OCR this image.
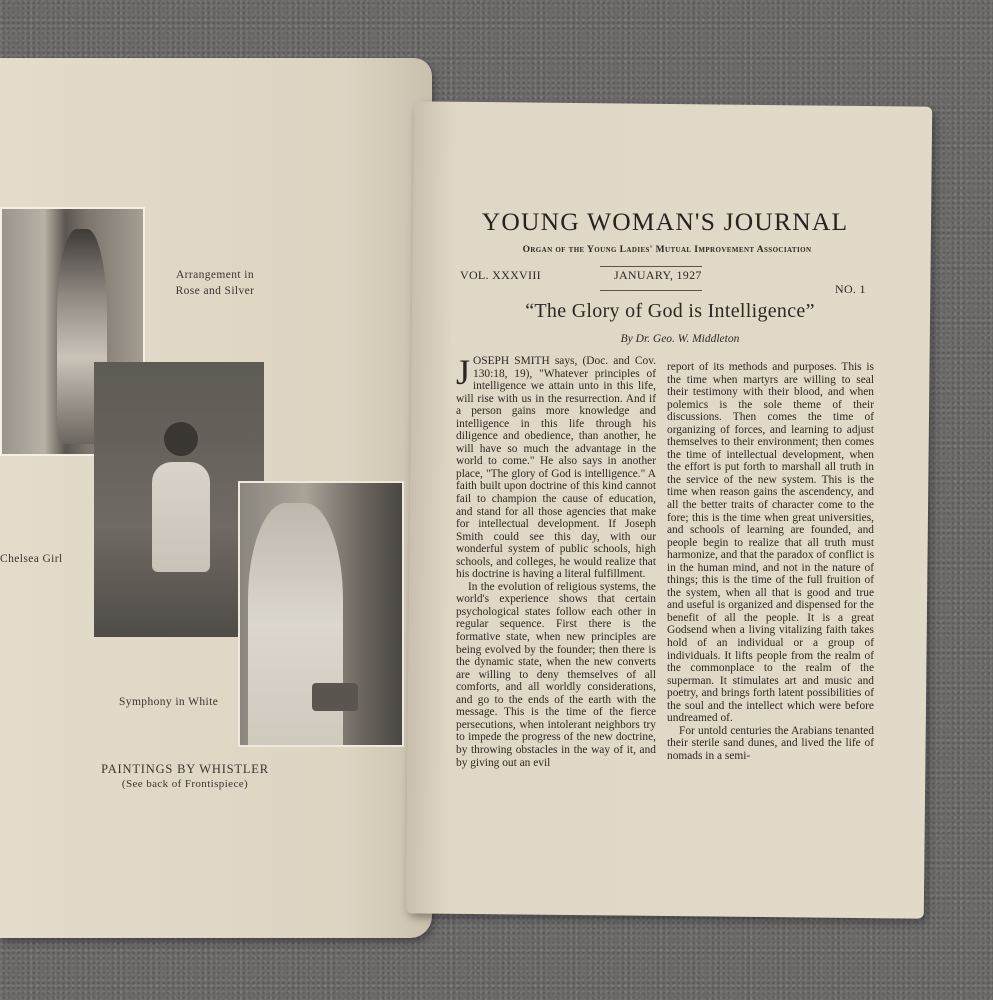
Arrangement in
Rose and Silver
Chelsea Girl
Symphony in White
PAINTINGS BY WHISTLER
(See back of Frontispiece)
YOUNG WOMAN'S JOURNAL
Organ of the Young Ladies' Mutual Improvement Association
VOL. XXXVIII	JANUARY, 1927
NO. 1
“The Glory of God is Intelligence”
By Dr. Geo. W. Middleton

JOSEPH SMITH says, (Doc. and Cov. 130:18, 19), "Whatever principles of intelligence we attain unto in this life, will rise with us in the resurrection. And if a person gains more knowledge and intelligence in this life through his diligence and obedience, than another, he will have so much the advantage in the world to come." He also says in another place, "The glory of God is intelligence." A faith built upon doctrine of this kind cannot fail to champion the cause of education, and stand for all those agencies that make for intellectual development. If Joseph Smith could see this day, with our wonderful system of public schools, high schools, and colleges, he would realize that his doctrine is having a literal fulfillment.

In the evolution of religious systems, the world's experience shows that certain psychological states follow each other in regular sequence. First there is the formative state, when new principles are being evolved by the founder; then there is the dynamic state, when the new converts are willing to deny themselves of all comforts, and all worldly considerations, and go to the ends of the earth with the message. This is the time of the fierce persecutions, when intolerant neighbors try to impede the progress of the new doctrine, by throwing obstacles in the way of it, and by giving out an evil

report of its methods and purposes. This is the time when martyrs are willing to seal their testimony with their blood, and when polemics is the sole theme of their discussions. Then comes the time of organizing of forces, and learning to adjust themselves to their environment; then comes the time of intellectual development, when the effort is put forth to marshall all truth in the service of the new system. This is the time when reason gains the ascendency, and all the better traits of character come to the fore; this is the time when great universities, and schools of learning are founded, and people begin to realize that all truth must harmonize, and that the paradox of conflict is in the human mind, and not in the nature of things; this is the time of the full fruition of the system, when all that is good and true and useful is organized and dispensed for the benefit of all the people. It is a great Godsend when a living vitalizing faith takes hold of an individual or a group of individuals. It lifts people from the realm of the commonplace to the realm of the superman. It stimulates art and music and poetry, and brings forth latent possibilities of the soul and the intellect which were before undreamed of.

For untold centuries the Arabians tenanted their sterile sand dunes, and lived the life of nomads in a semi-
